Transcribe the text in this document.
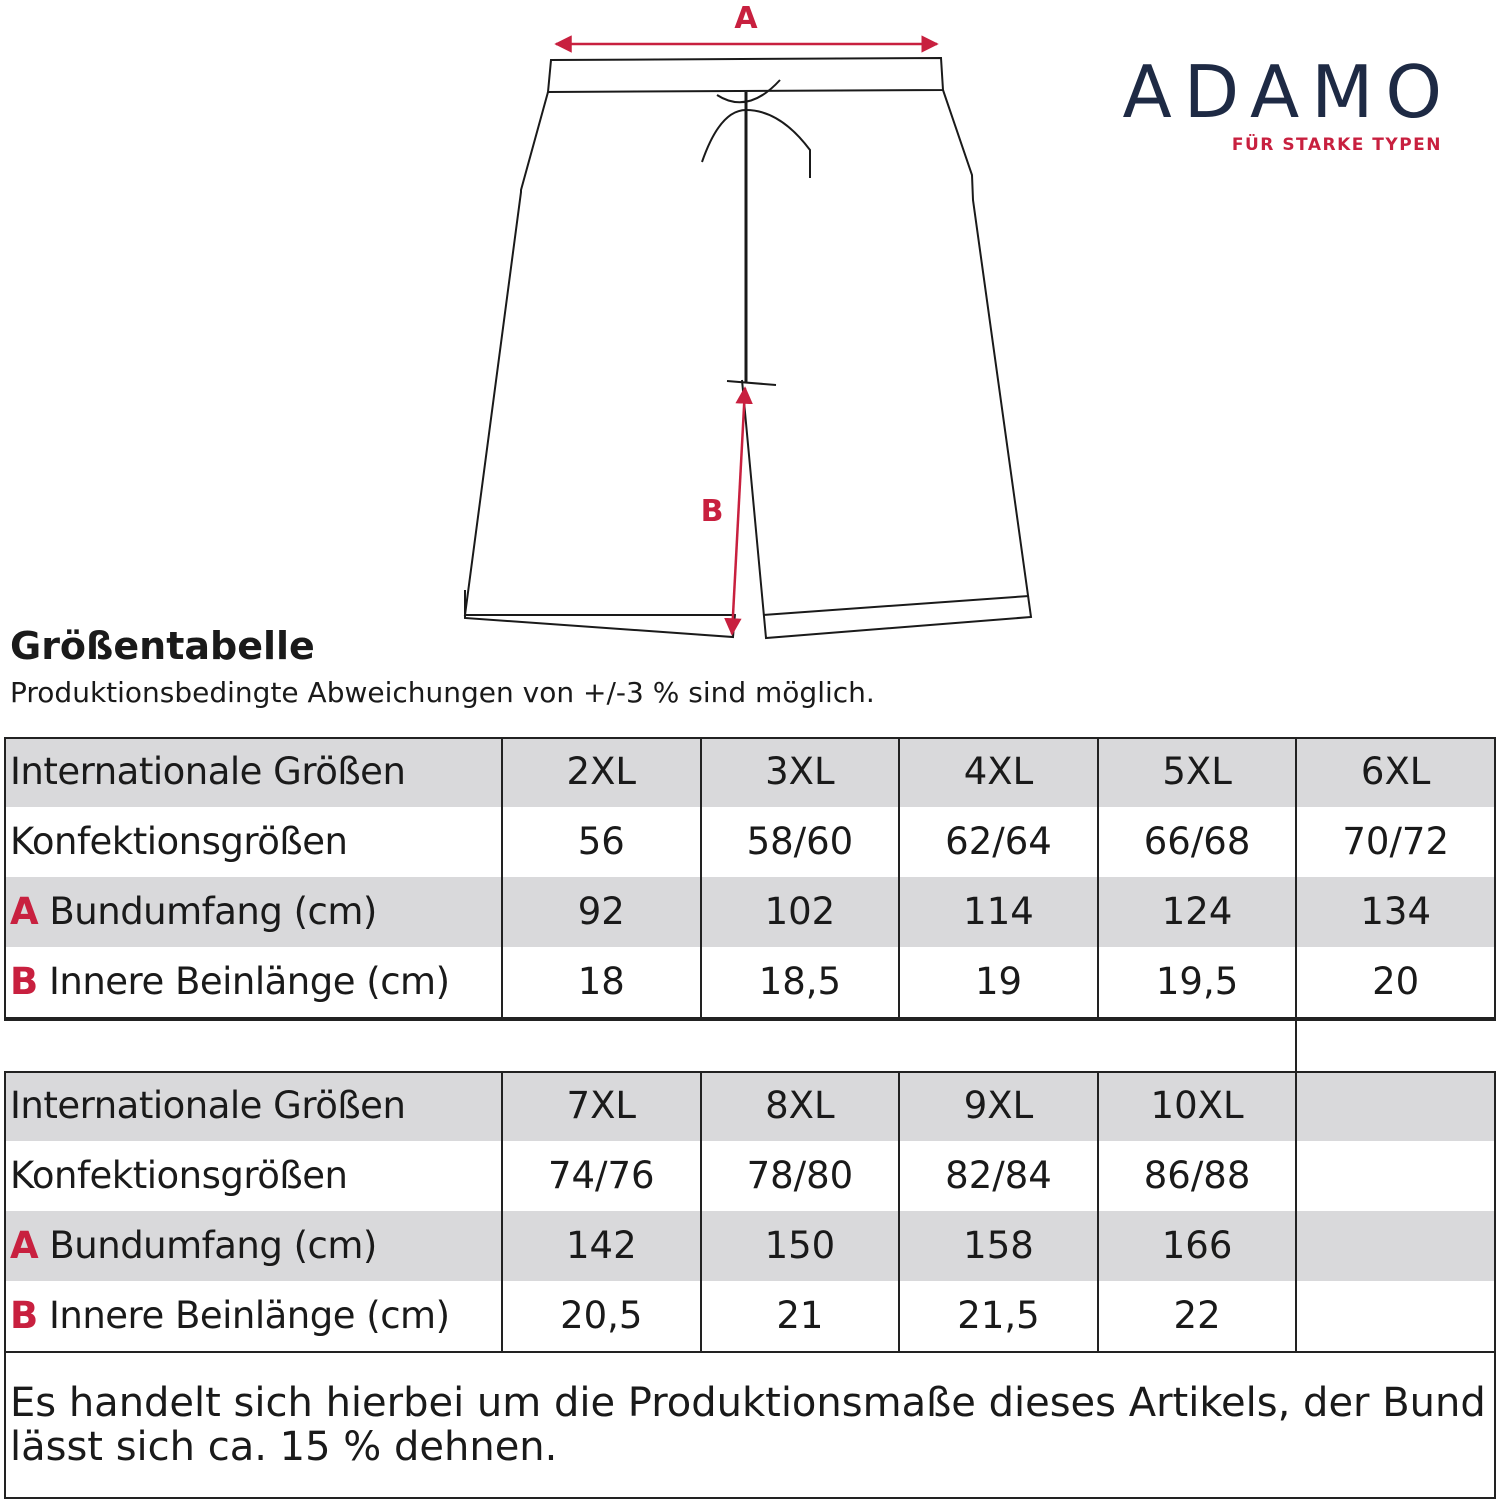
A
B
ADAMO
FÜR STARKE TYPEN
Größentabelle
Produktionsbedingte Abweichungen von +/-3 % sind möglich.
Internationale Größen	2XL	3XL	4XL	5XL	6XL
Konfektionsgrößen	56	58/60	62/64	66/68	70/72
A Bundumfang (cm)	92	102	114	124	134
B Innere Beinlänge (cm)	18	18,5	19	19,5	20
Internationale Größen	7XL	8XL	9XL	10XL	
Konfektionsgrößen	74/76	78/80	82/84	86/88	
A Bundumfang (cm)	142	150	158	166	
B Innere Beinlänge (cm)	20,5	21	21,5	22	
Es handelt sich hierbei um die Produktionsmaße dieses Artikels, der Bund lässt sich ca. 15 % dehnen.
